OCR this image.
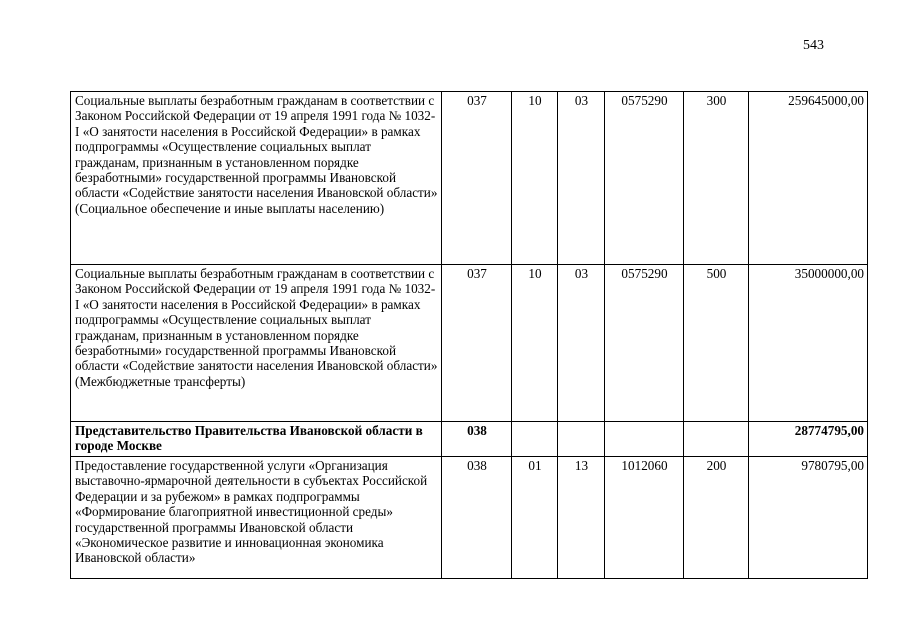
543
Социальные выплаты безработным гражданам в соответствии с Законом Российской Федерации от 19 апреля 1991 года № 1032-I «О занятости населения в Российской Федерации» в рамках подпрограммы «Осуществление социальных выплат гражданам, признанным в установленном порядке безработными» государственной программы Ивановской области «Содействие занятости населения Ивановской области» (Социальное обеспечение и иные выплаты населению)	037	10	03	0575290	300	259645000,00
Социальные выплаты безработным гражданам в соответствии с Законом Российской Федерации от 19 апреля 1991 года № 1032-I «О занятости населения в Российской Федерации» в рамках подпрограммы «Осуществление социальных выплат гражданам, признанным в установленном порядке безработными» государственной программы Ивановской области «Содействие занятости населения Ивановской области» (Межбюджетные трансферты)	037	10	03	0575290	500	35000000,00
Представительство Правительства Ивановской области в городе Москве	038					28774795,00
Предоставление государственной услуги «Организация выставочно-ярмарочной деятельности в субъектах Российской Федерации и за рубежом» в рамках подпрограммы «Формирование благоприятной инвестиционной среды» государственной программы Ивановской области «Экономическое развитие и инновационная экономика Ивановской области»	038	01	13	1012060	200	9780795,00
